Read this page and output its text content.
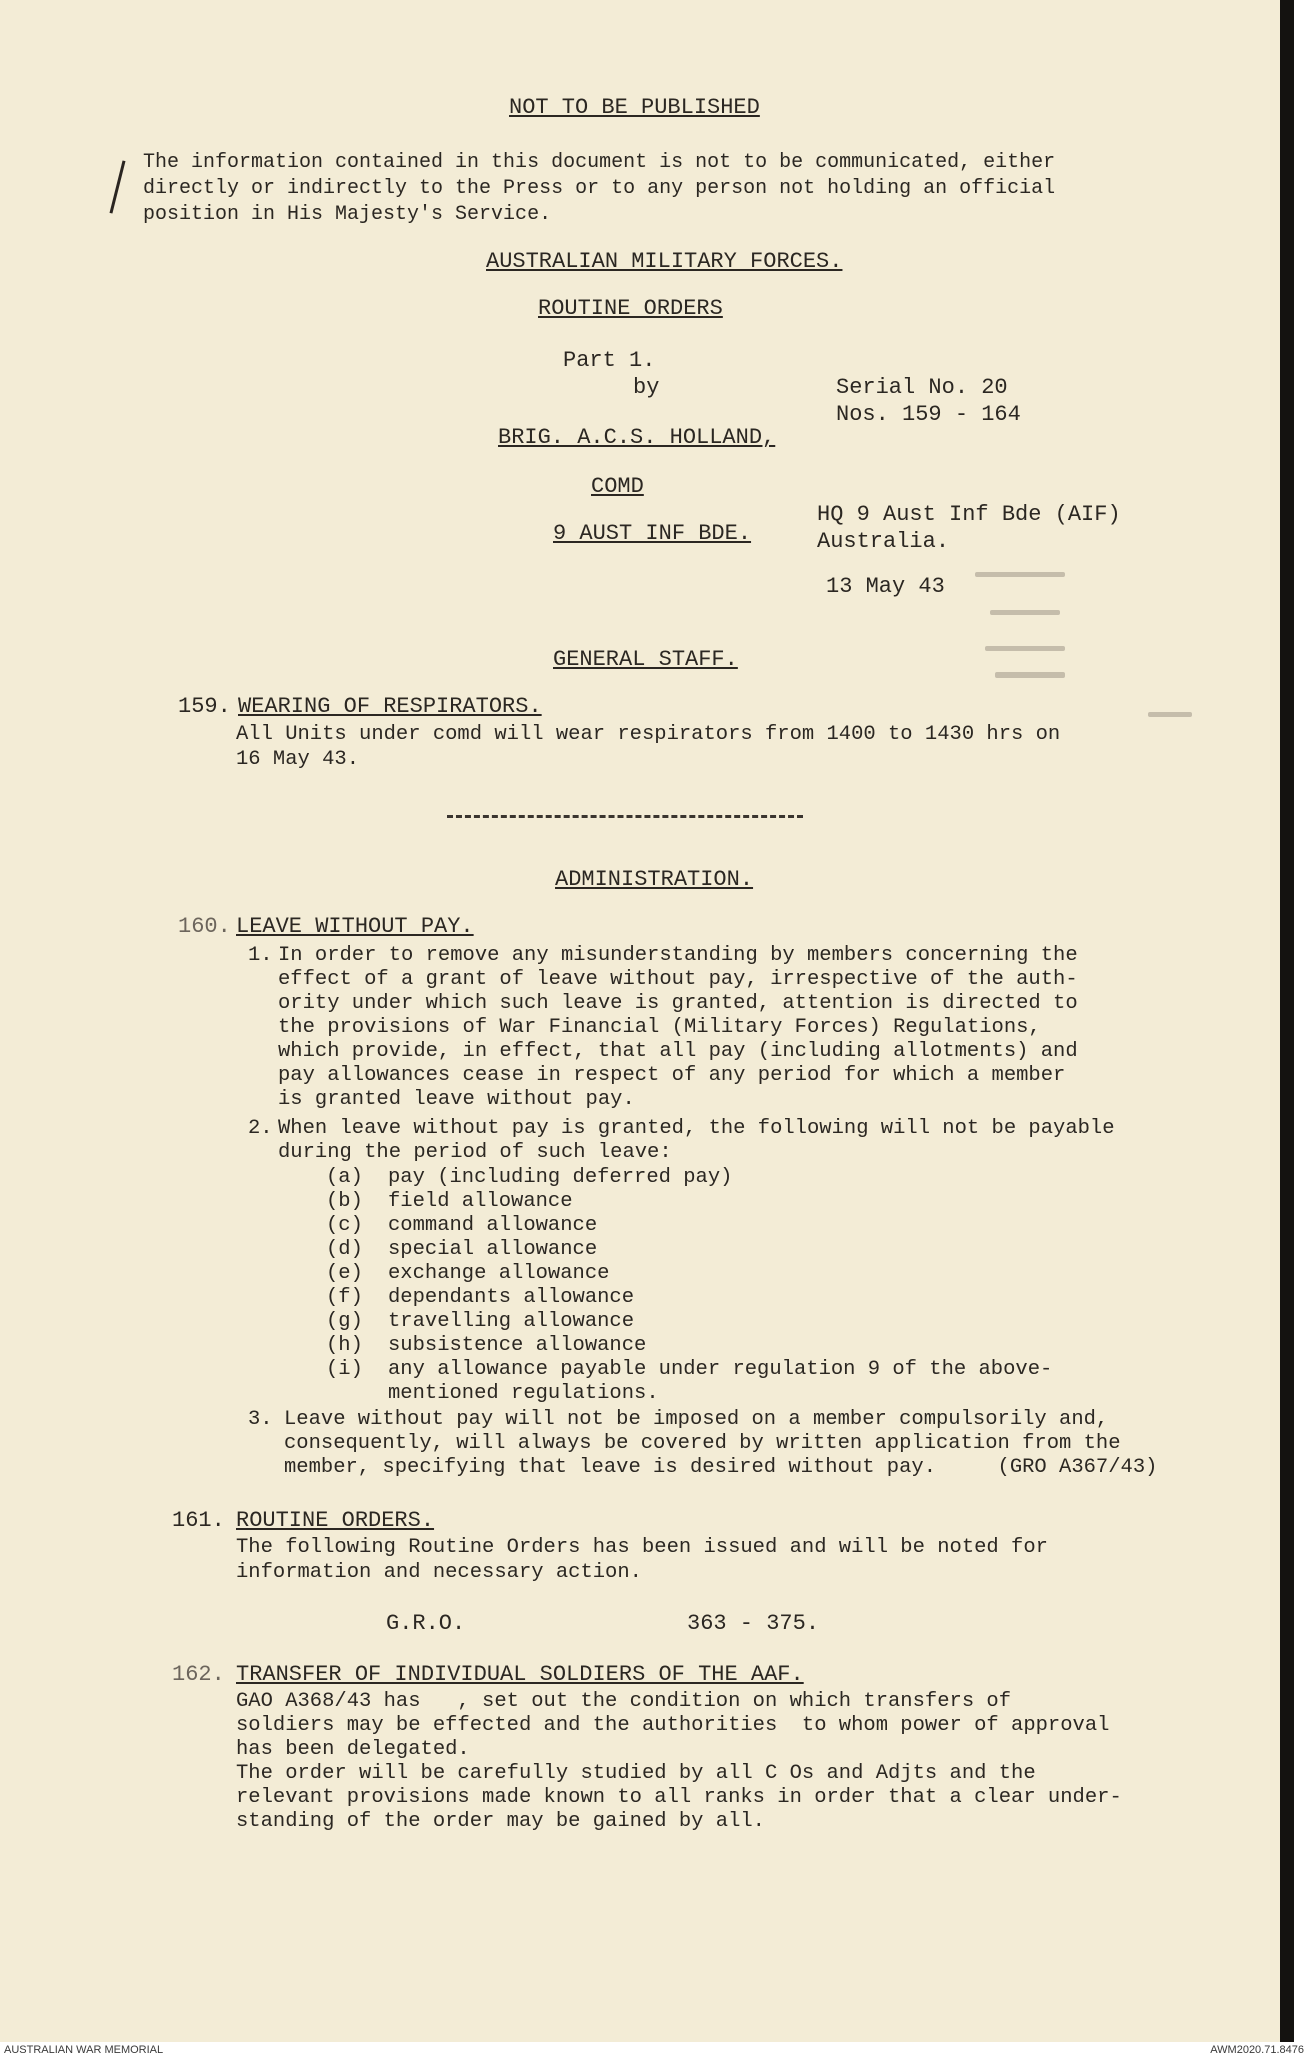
NOT TO BE PUBLISHED

The information contained in this document is not to be communicated, either

directly or indirectly to the Press or to any person not holding an official

position in His Majesty's Service.

AUSTRALIAN MILITARY FORCES.

ROUTINE ORDERS

Part 1.

by	Serial No. 20

Nos. 159 - 164

BRIG. A.C.S. HOLLAND,

COMD

9 AUST INF BDE.

HQ 9 Aust Inf Bde (AIF)

Australia.

13 May 43

GENERAL STAFF.

159. WEARING OF RESPIRATORS.

All Units under comd will wear respirators from 1400 to 1430 hrs on

16 May 43.

ADMINISTRATION.

160. LEAVE WITHOUT PAY.

1. In order to remove any misunderstanding by members concerning the

effect of a grant of leave without pay, irrespective of the auth-

ority under which such leave is granted, attention is directed to

the provisions of War Financial (Military Forces) Regulations,

which provide, in effect, that all pay (including allotments) and

pay allowances cease in respect of any period for which a member

is granted leave without pay.

2. When leave without pay is granted, the following will not be payable

during the period of such leave:

(a) pay (including deferred pay)

(b) field allowance

(c) command allowance

(d) special allowance

(e) exchange allowance

(f) dependants allowance

(g) travelling allowance

(h) subsistence allowance

(i) any allowance payable under regulation 9 of the above-

mentioned regulations.

3. Leave without pay will not be imposed on a member compulsorily and,

consequently, will always be covered by written application from the

member, specifying that leave is desired without pay.     (GRO A367/43)

161. ROUTINE ORDERS.

The following Routine Orders has been issued and will be noted for

information and necessary action.

G.R.O.	363 - 375.

162. TRANSFER OF INDIVIDUAL SOLDIERS OF THE AAF.

GAO A368/43 has   , set out the condition on which transfers of

soldiers may be effected and the authorities  to whom power of approval

has been delegated.

The order will be carefully studied by all C Os and Adjts and the

relevant provisions made known to all ranks in order that a clear under-

standing of the order may be gained by all.

AUSTRALIAN WAR MEMORIAL	AWM2020.71.8476
